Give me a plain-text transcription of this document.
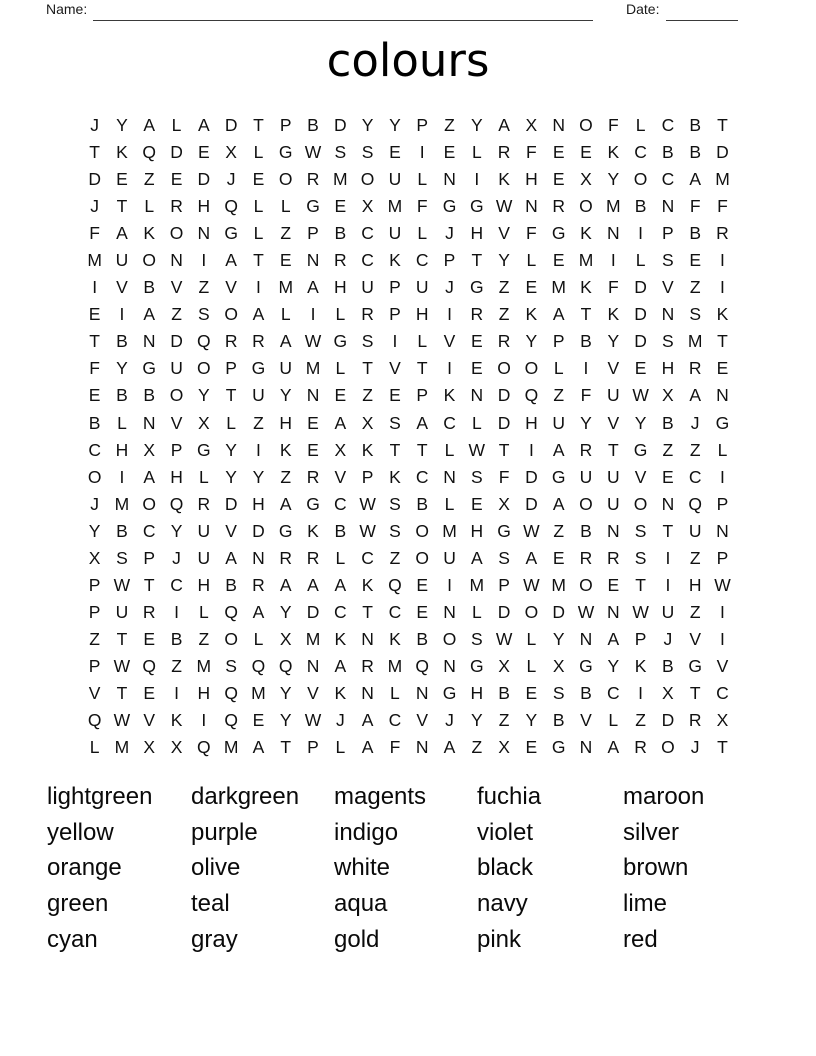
Name:	Date:
colours
J Y A L A D T P B D Y Y P Z Y A X N O F L C B T
T K Q D E X L G W S S E	I	E L R F E E K C B B D
D E Z E D J E O R M O U L N	I	K H E X Y O C A M
J	T L R H Q L	L G E X M F G G W N R O M B N F F
F A K O N G L Z P B C U L	J H V F G K N	I	P B R
M U O N	I	A T E N R C K C P T Y L E M	I	L S E	I
I	V B V Z V	I	M A H U P U J G Z E M K F D V Z	I
E	I	A Z S O A L	I	L R P H	I	R Z K A T K D N S K
T B N D Q R R A W G S	I	L V E R Y P B Y D S M T
F Y G U O P G U M L T V T	I	E O O L	I	V E H R E
E B B O Y T U Y N E Z E P K N D Q Z F U W X A N
B L N V X L Z H E A X S A C L D H U Y V Y B J G
C H X P G Y	I	K E X K T T L W T	I	A R T G Z Z L
O	I	A H L Y Y Z R V P K C N S F D G U U V E C	I
J M O Q R D H A G C W S B L E X D A O U O N Q P
Y B C Y U V D G K B W S O M H G W Z B N S T U N
X S P J U A N R R L C Z O U A S A E R R S	I	Z P
P W T C H B R A A A K Q E	I	M P W M O E T	I	H W
P U R	I	L Q A Y D C T C E N L D O D W N W U Z	I
Z T E B Z O L X M K N K B O S W L Y N A P J V	I
P W Q Z M S Q Q N A R M Q N G X L X G Y K B G V
V T E	I	H Q M Y V K N L N G H B E S B C	I	X T C
Q W V K	I	Q E Y W J A C V J Y Z Y B V L Z D R X
L M X X Q M A T P L A F N A Z X E G N A R O J	T
lightgreen	darkgreen	magents	fuchia	maroon
yellow	purple	indigo	violet	silver
orange	olive	white	black	brown
green	teal	aqua	navy	lime
cyan	gray	gold	pink	red
